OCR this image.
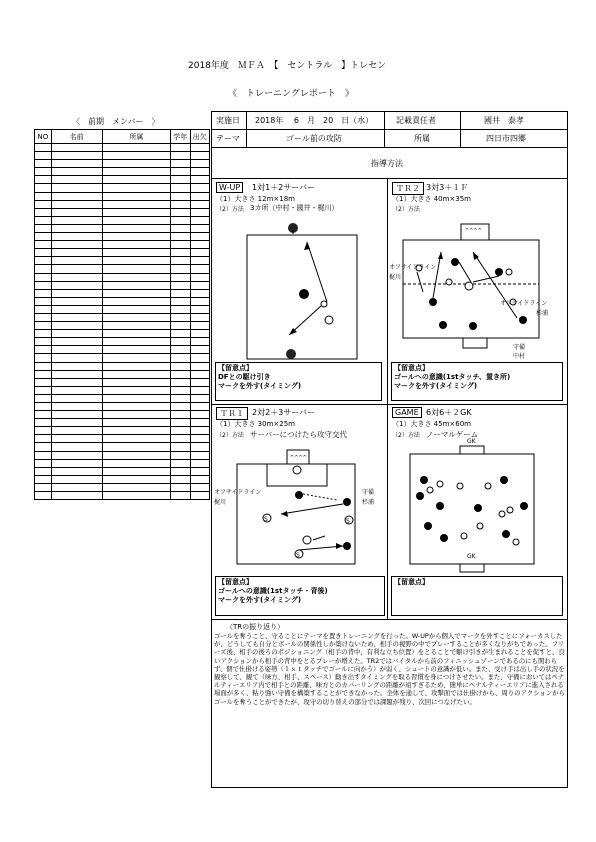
2018年度　ＭＦＡ　【　セントラル　】トレセン
《　トレーニングレポート　》
〈　前期　メンバー　〉
NO	名前	所属	学年	出欠

実施日 2018年　 6　月　20　日（水）	記載責任者	國井　泰孝
テーマ	ゴール前の攻防	所属	四日市四郷
指導方法
W-UP	1対1＋2サーバー
（1）大きさ 12m×18m
（2）方法 3カ所（中村・國井・梶川）
【留意点】
DFとの駆け引き
マークを外す(タイミング)
ＴＲ２ 3対3＋１Ｆ
（1）大きさ 40m×35m
（2）方法
^^^^
オフサイドライン
梶川
オフサイドライン
杉浦
守備
中村
【留意点】
ゴールへの意識(1stタッチ、置き所)
マークを外す(タイミング)
ＴＲ１	2対2＋3サーバー
（1）大きさ 30m×25m
（2）方法 サーバーにつけたら攻守交代
^^^^
S
S
S
オフサイドライン
梶川
守備
杉浦
【留意点】
ゴールへの意識(1stタッチ・背後)
マークを外す(タイミング)
GAME 6対6＋２GK
（1）大きさ 45m×60m
（2）方法 ノーマルゲーム
GK
GK
【留意点】
（TRの振り返り）
ゴールを奪うこと、守ることにテーマを置きトレーニングを行った。W-UPから個人でマークを外すことにフォーカスしたが、どうしても自分とボールの関係性しか築けないため、相手の視野の中でプレーすることが多くなりがちであった。フリーズ後、相手の後ろのポジショニング（相手の背中、有利な立ち位置）をとることで駆け引きが生まれることを促すと、良いアクションから相手の背中をとるプレーが増えた。TR2ではバイタルから前のフィニッシュゾーンであるのにも関わらず、個で仕掛ける姿勢（１ｓｔタッチでゴールに向かう）が弱く、シュートの意識が低い。また、受け手は出し手の状況を観察して、観て（味方、相手、スペース）動き出すタイミングを取る習慣を身につけさせたい。また、守備においてはペナルティーエリア内で相手との距離、味方とのカバーリングの距離が遠すぎるため、簡単にペナルティーエリアに進入される場面が多く、粘り強い守備を構築することができなかった。全体を通して、攻撃面では仕掛けから、周りのアクションからゴールを奪うことができたが、攻守の切り替えの部分では課題が残り、次回につなげたい。
